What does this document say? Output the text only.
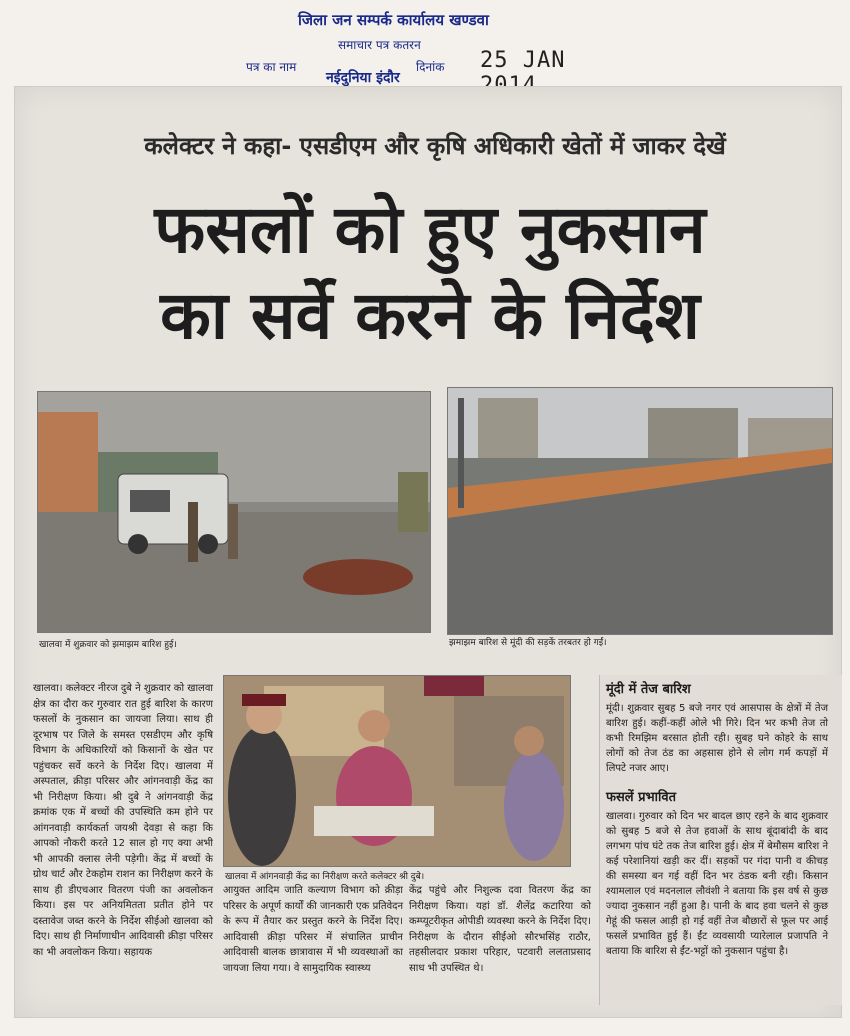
जिला जन सम्पर्क कार्यालय खण्डवा
समाचार पत्र कतरन
पत्र का नाम	दिनांक 25 JAN
नईदुनिया इंदौर
कलेक्टर ने कहा- एसडीएम और कृषि अधिकारी खेतों में जाकर देखें
फसलों को हुए नुकसान
का सर्वे करने के निर्देश
खालवा में शुक्रवार को झमाझम बारिश हुई।	झमाझम बारिश से मूंदी की सड़कें तरबतर हो गईं।
खालवा में आंगनवाड़ी केंद्र का निरीक्षण करते कलेक्टर श्री दुबे।
खालवा। कलेक्टर नीरज दुबे ने शुक्रवार को खालवा क्षेत्र का दौरा कर गुरुवार रात हुई बारिश के कारण फसलों के नुकसान का जायजा लिया। साथ ही दूरभाष पर जिले के समस्त एसडीएम और कृषि विभाग के अधिकारियों को किसानों के खेत पर पहुंचकर सर्वे करने के निर्देश दिए। खालवा में अस्पताल, क्रीड़ा परिसर और आंगनवाड़ी केंद्र का भी निरीक्षण किया। श्री दुबे ने आंगनवाड़ी केंद्र क्रमांक एक में बच्चों की उपस्थिति कम होने पर आंगनवाड़ी कार्यकर्ता जयश्री देवड़ा से कहा कि आपको नौकरी करते 12 साल हो गए क्या अभी भी आपकी क्लास लेनी पड़ेगी। केंद्र में बच्चों के ग्रोथ चार्ट और टेकहोम राशन का निरीक्षण करने के साथ ही डीएचआर वितरण पंजी का अवलोकन किया। इस पर अनियमितता प्रतीत होने पर दस्तावेज जब्त करने के निर्देश सीईओ खालवा को दिए। साथ ही निर्माणाधीन आदिवासी क्रीड़ा परिसर का भी अवलोकन किया। सहायक
आयुक्त आदिम जाति कल्याण विभाग को क्रीड़ा परिसर के अपूर्ण कार्यों की जानकारी एक प्रतिवेदन के रूप में तैयार कर प्रस्तुत करने के निर्देश दिए। आदिवासी क्रीड़ा परिसर में संचालित प्राचीन आदिवासी बालक छात्रावास में भी व्यवस्थाओं का जायजा लिया गया। वे सामुदायिक स्वास्थ्य
केंद्र पहुंचे और निशुल्क दवा वितरण केंद्र का निरीक्षण किया। यहां डॉ. शैलेंद्र कटारिया को कम्प्यूटरीकृत ओपीडी व्यवस्था करने के निर्देश दिए। निरीक्षण के दौरान सीईओ सौरभसिंह राठौर, तहसीलदार प्रकाश परिहार, पटवारी ललताप्रसाद साध भी उपस्थित थे।
मूंदी में तेज बारिश
मूंदी। शुक्रवार सुबह 5 बजे नगर एवं आसपास के क्षेत्रों में तेज बारिश हुई। कहीं-कहीं ओले भी गिरे। दिन भर कभी तेज तो कभी रिमझिम बरसात होती रही। सुबह घने कोहरे के साथ लोगों को तेज ठंड का अहसास होने से लोग गर्म कपड़ों में लिपटे नजर आए।
फसलें प्रभावित
खालवा। गुरुवार को दिन भर बादल छाए रहने के बाद शुक्रवार को सुबह 5 बजे से तेज हवाओं के साथ बूंदाबांदी के बाद लगभग पांच घंटे तक तेज बारिश हुई। क्षेत्र में बेमौसम बारिश ने कई परेशानियां खड़ी कर दीं। सड़कों पर गंदा पानी व कीचड़ की समस्या बन गई वहीं दिन भर ठंडक बनी रही। किसान श्यामलाल एवं मदनलाल लौवंशी ने बताया कि इस वर्ष से कुछ ज्यादा नुकसान नहीं हुआ है। पानी के बाद हवा चलने से कुछ गेहूं की फसल आड़ी हो गई वहीं तेज बौछारों से फूल पर आई फसलें प्रभावित हुई हैं। ईंट व्यवसायी प्यारेलाल प्रजापति ने बताया कि बारिश से ईंट-भट्टों को नुकसान पहुंचा है।
